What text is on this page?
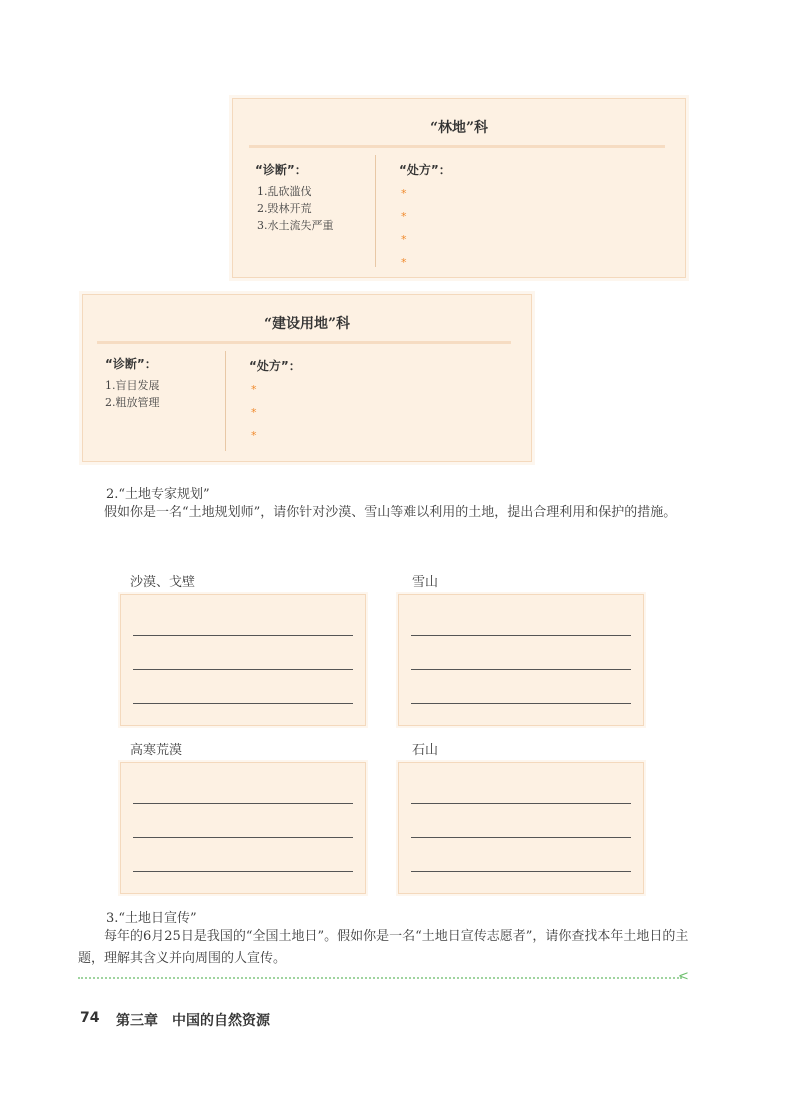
“林地”科
“诊断”：
1.乱砍滥伐
2.毁林开荒
3.水土流失严重
“处方”：
*
*
*
*
“建设用地”科
“诊断”：
1.盲目发展
2.粗放管理
“处方”：
*
*
*
2.“土地专家规划”
假如你是一名“土地规划师”，请你针对沙漠、雪山等难以利用的土地，提出合理利用和保护的措施。
沙漠、戈壁	雪山
高寒荒漠	石山
3.“土地日宣传”
每年的6月25日是我国的“全国土地日”。假如你是一名“土地日宣传志愿者”，请你查找本年土地日的主题，理解其含义并向周围的人宣传。
<
74 第三章　中国的自然资源
